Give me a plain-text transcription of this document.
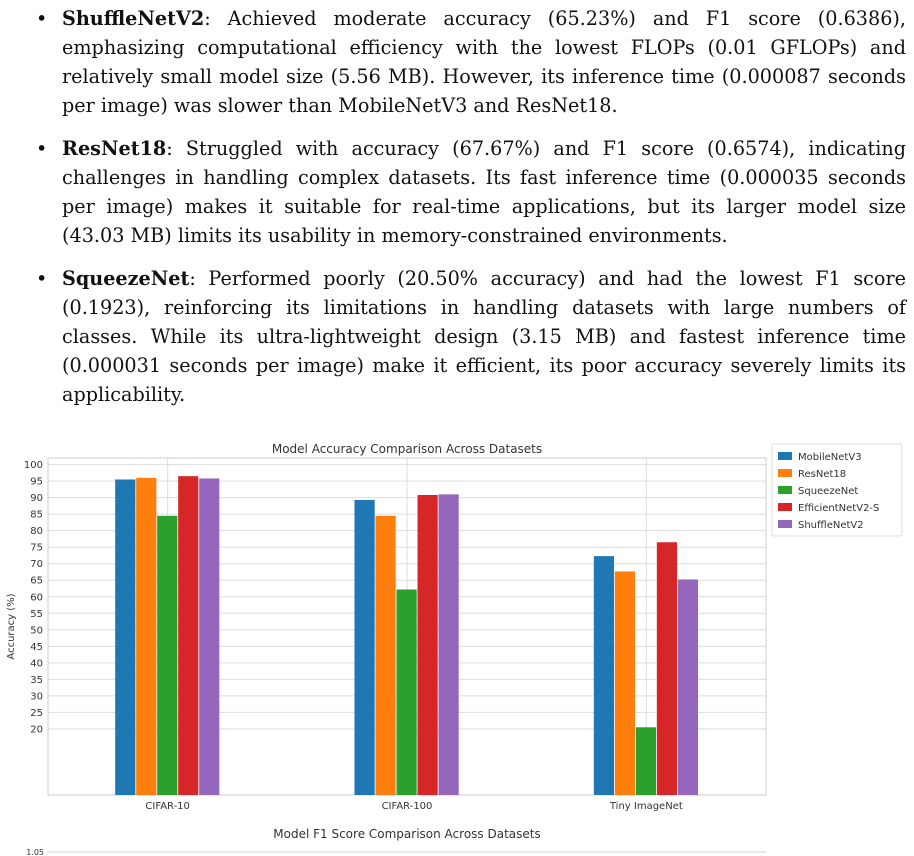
• ShuffleNetV2: Achieved moderate accuracy (65.23%) and F1 score (0.6386), emphasizing computational efficiency with the lowest FLOPs (0.01 GFLOPs) and relatively small model size (5.56 MB). However, its inference time (0.000087 seconds per image) was slower than MobileNetV3 and ResNet18.
• ResNet18: Struggled with accuracy (67.67%) and F1 score (0.6574), indicating challenges in handling complex datasets. Its fast inference time (0.000035 seconds per image) makes it suitable for real-time applications, but its larger model size (43.03 MB) limits its usability in memory-constrained environments.
• SqueezeNet: Performed poorly (20.50% accuracy) and had the lowest F1 score (0.1923), reinforcing its limitations in handling datasets with large numbers of classes. While its ultra-lightweight design (3.15 MB) and fastest inference time (0.000031 seconds per image) make it efficient, its poor accuracy severely limits its applicability.
Model Accuracy Comparison Across Datasets
20
25
30
35
40
45
50
55
60
65
70
75
80
85
90
95
100
CIFAR-10	CIFAR-100	Tiny ImageNet
Accuracy (%)
MobileNetV3
ResNet18
SqueezeNet
EfficientNetV2-S
ShuffleNetV2
Model F1 Score Comparison Across Datasets
1.05
